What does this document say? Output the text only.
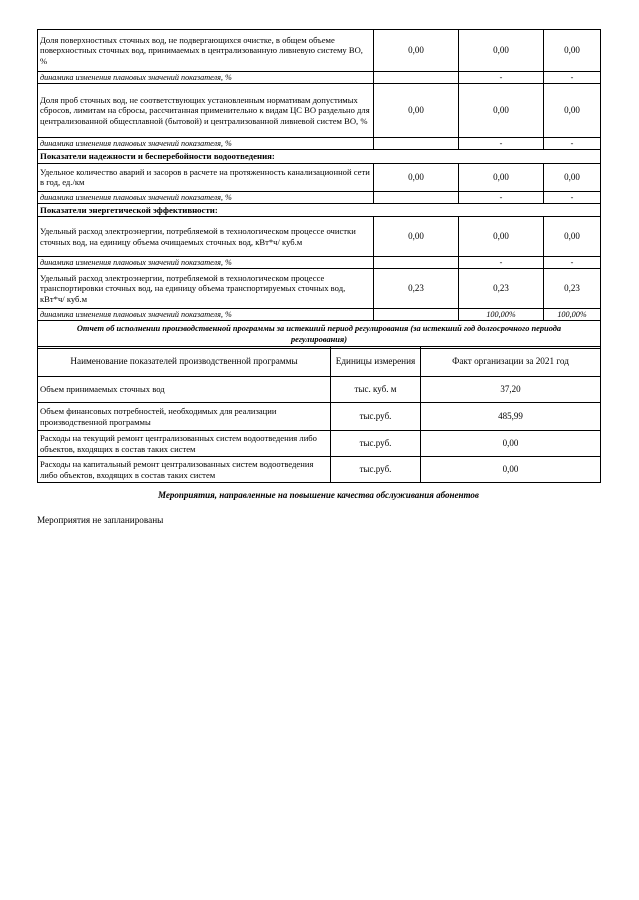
Доля поверхностных сточных вод, не подвергающихся очистке, в общем объеме поверхностных сточных вод, принимаемых в централизованную ливневую систему ВО, %	0,00	0,00	0,00
динамика изменения плановых значений показателя, %		-	-
Доля проб сточных вод, не соответствующих установленным нормативам допустимых сбросов, лимитам на сбросы, рассчитанная применительно к видам ЦС ВО раздельно для централизованной общесплавной (бытовой) и централизованной ливневой систем ВО, %	0,00	0,00	0,00
динамика изменения плановых значений показателя, %		-	-
Показатели надежности и бесперебойности водоотведения:			
Удельное количество аварий и засоров в расчете на протяженность канализационной сети в год, ед./км	0,00	0,00	0,00
динамика изменения плановых значений показателя, %		-	-
Показатели энергетической эффективности:			
Удельный расход электроэнергии, потребляемой в технологическом процессе очистки сточных вод, на единицу объема очищаемых сточных вод, кВт*ч/ куб.м	0,00	0,00	0,00
динамика изменения плановых значений показателя, %		-	-
Удельный расход электроэнергии, потребляемой в технологическом процессе транспортировки сточных вод, на единицу объема транспортируемых сточных вод, кВт*ч/ куб.м	0,23	0,23	0,23
динамика изменения плановых значений показателя, %		100,00%	100,00%
Отчет об исполнении производственной программы за истекший период регулирования (за истекший год долгосрочного периода регулирования)			
Наименование показателей производственной программы	Единицы измерения	Факт организации за 2021 год
Объем принимаемых сточных вод	тыс. куб. м	37,20
Объем финансовых потребностей, необходимых для реализации производственной программы	тыс.руб.	485,99
Расходы на текущий ремонт централизованных систем водоотведения либо объектов, входящих в состав таких систем	тыс.руб.	0,00
Расходы на капитальный ремонт централизованных систем водоотведения либо объектов, входящих в состав таких систем	тыс.руб.	0,00
Мероприятия, направленные на повышение качества обслуживания абонентов
Мероприятия не запланированы
